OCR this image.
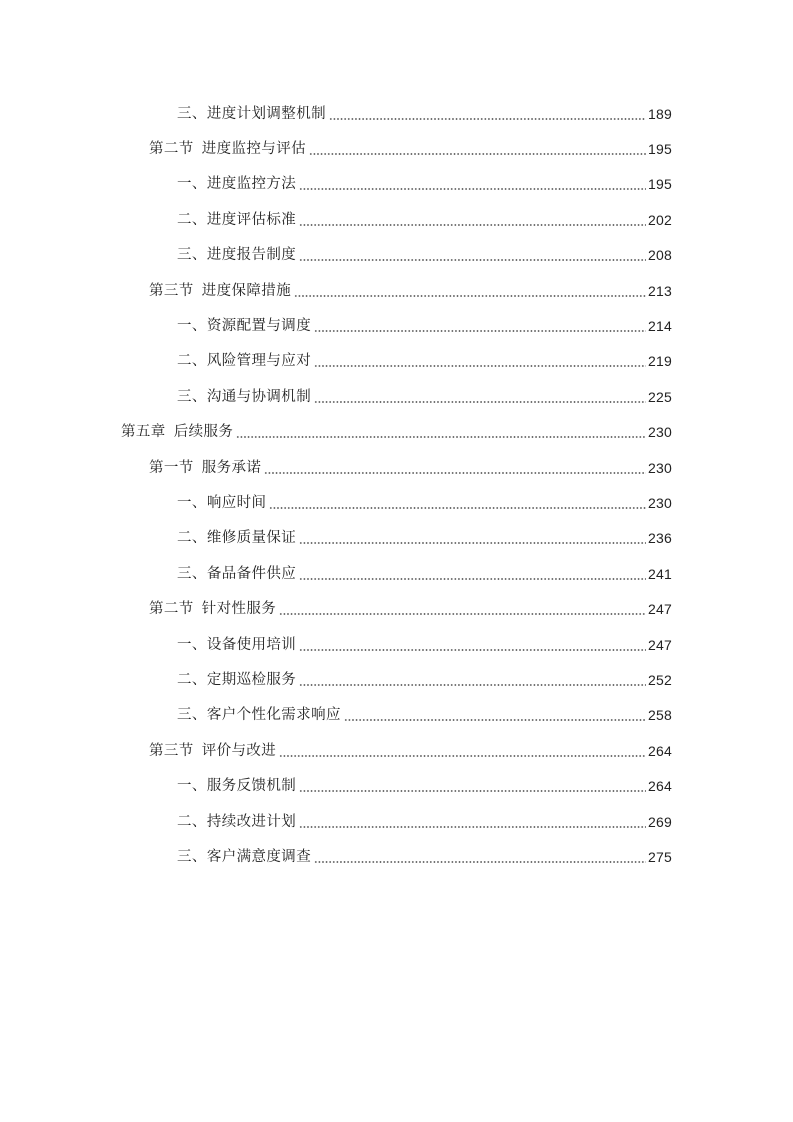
三、进度计划调整机制	189
第二节 进度监控与评估	195
一、进度监控方法	195
二、进度评估标准	202
三、进度报告制度	208
第三节 进度保障措施	213
一、资源配置与调度	214
二、风险管理与应对	219
三、沟通与协调机制	225
第五章 后续服务	230
第一节 服务承诺	230
一、响应时间	230
二、维修质量保证	236
三、备品备件供应	241
第二节 针对性服务	247
一、设备使用培训	247
二、定期巡检服务	252
三、客户个性化需求响应	258
第三节 评价与改进	264
一、服务反馈机制	264
二、持续改进计划	269
三、客户满意度调查	275
